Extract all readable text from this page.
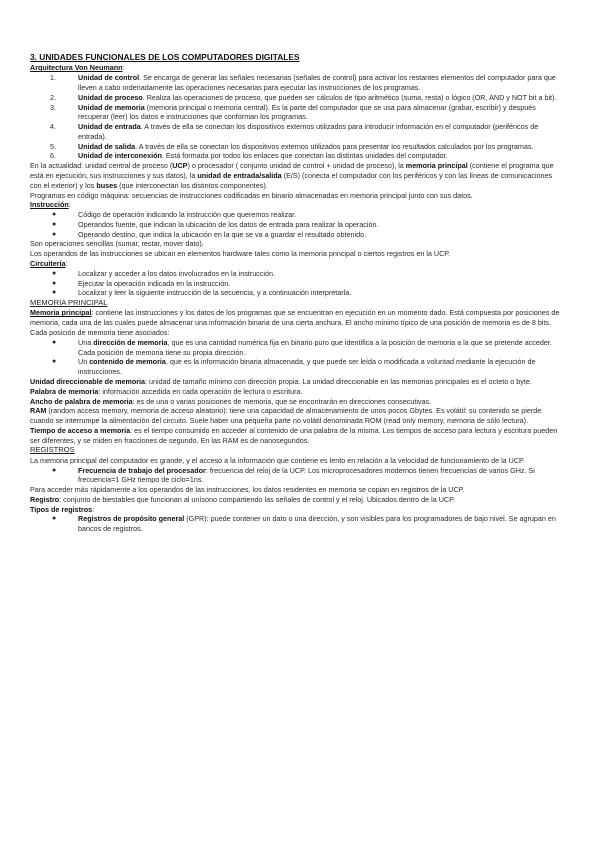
3. UNIDADES FUNCIONALES DE LOS COMPUTADORES DIGITALES

Arquitectura Von Neumann:

1.	Unidad de control. Se encarga de generar las señales necesarias (señales de control) para activar los restantes elementos del computador para que lleven a cabo ordenadamente las operaciones necesarias para ejecutar las instrucciones de los programas.
2.	Unidad de proceso. Realiza las operaciones de proceso, que pueden ser cálculos de tipo aritmético (suma, resta) o lógico (OR, AND y NOT bit a bit).
3.	Unidad de memoria (memoria principal o memoria central). Es la parte del computador que se usa para almacenar (grabar, escribir) y después recuperar (leer) los datos e instrucciones que conforman los programas.
4.	Unidad de entrada. A través de ella se conectan los dispositivos externos utilizados para introducir información en el computador (periféricos de entrada).
5.	Unidad de salida. A través de ella se conectan los dispositivos externos utilizados para presentar los resultados calculados por los programas.
6.	Unidad de interconexión. Está formada por todos los enlaces que conectan las distintas unidades del computador.

En la actualidad: unidad central de proceso (UCP) o procesador ( conjunto unidad de control + unidad de proceso), la memoria principal (contiene el programa que está en ejecución, sus instrucciones y sus datos), la unidad de entrada/salida (E/S) (conecta el computador con los periféricos y con las líneas de comunicaciones con el exterior) y los buses (que interconectan los distintos componentes).

Programas en código máquina: secuencias de instrucciones codificadas en binario almacenadas en memoria principal junto con sus datos.

Instrucción:

●	Código de operación indicando la instrucción que queremos realizar.
●	Operandos fuente, que indican la ubicación de los datos de entrada para realizar la operación.
●	Operando destino, que indica la ubicación en la que se va a guardar el resultado obtenido.

Son operaciones sencillas (sumar, restar, mover dato).

Los operandos de las instrucciones se ubican en elementos hardware tales como la memoria principal o ciertos registros en la UCP.

Circuitería:

●	Localizar y acceder a los datos involucrados en la instrucción.
●	Ejecutar la operación indicada en la instrucción.
●	Localizar y leer la siguiente instrucción de la secuencia, y a continuación interpretarla.

MEMORIA PRINCIPAL

Memoria principal: contiene las instrucciones y los datos de los programas que se encuentran en ejecución en un momento dado. Está compuesta por posiciones de memoria, cada una de las cuales puede almacenar una información binaria de una cierta anchura. El ancho mínimo típico de una posición de memoria es de 8 bits.

Cada posición de memoria tiene asociados:

●	Una dirección de memoria, que es una cantidad numérica fija en binario puro que identifica a la posición de memoria a la que se pretende acceder. Cada posición de memoria tiene su propia dirección.
●	Un contenido de memoria, que es la información binaria almacenada, y que puede ser leída o modificada a voluntad mediante la ejecución de instrucciones.

Unidad direccionable de memoria: unidad de tamaño mínimo con dirección propia. La unidad direccionable en las memorias principales es el octeto o byte.

Palabra de memoria: información accedida en cada operación de lectura o escritura.

Ancho de palabra de memoria: es de una o varias posiciones de memoria, que se encontrarán en direcciones consecutivas.

RAM (random access memory, memoria de acceso aleatorio): tiene una capacidad de almacenamiento de unos pocos Gbytes. Es volátil: su contenido se pierde cuando se interrumpe la alimentación del circuito. Suele haber una pequeña parte no volátil denominada ROM (read only memory, memoria de sólo lectura).

Tiempo de acceso a memoria: es el tiempo consumido en acceder al contenido de una palabra de la misma. Los tiempos de acceso para lectura y escritura pueden ser diferentes, y se miden en fracciones de segundo. En las RAM es de nanosegundos.

REGISTROS

La memoria principal del computador es grande, y el acceso a la información que contiene es lento en relación a la velocidad de funcionamiento de la UCP.

●	Frecuencia de trabajo del procesador: frecuencia del reloj de la UCP. Los microprocesadores modernos tienen frecuencias de varios GHz. Si frecuencia=1 GHz tiempo de ciclo=1ns.

Para acceder más rápidamente a los operandos de las instrucciones, los datos residentes en memoria se copian en registros de la UCP.

Registro: conjunto de biestables que funcionan al unísono compartiendo las señales de control y el reloj. Ubicados dentro de la UCP.

Tipos de registros:

●	Registros de propósito general (GPR): puede contener un dato o una dirección, y son visibles para los programadores de bajo nivel. Se agrupan en bancos de registros.
